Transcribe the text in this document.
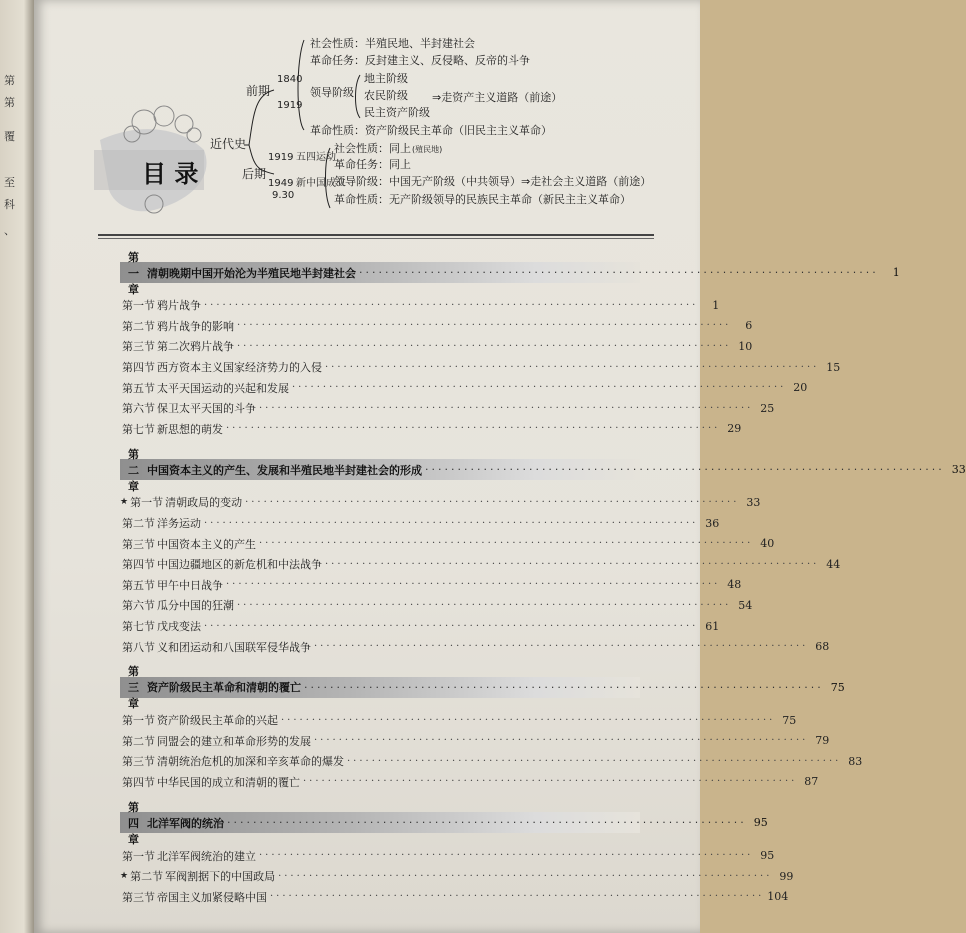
第
第
覆
至
科
、
目 录
近代史
前期
1840
1919
社会性质：半殖民地、半封建社会
革命任务：反封建主义、反侵略、反帝的斗争
领导阶级
地主阶级
农民阶级
民主资产阶级
⇒走资产主义道路（前途）
革命性质：资产阶级民主革命（旧民主主义革命）
后期
1919
1949
9.30
五四运动
新中国成立
社会性质：同上 (殖民地)
革命任务：同上
领导阶级：中国无产阶级（中共领导）⇒走社会主义道路（前途）
革命性质：无产阶级领导的民族民主革命（新民主主义革命）
第一章
清朝晚期中国开始沦为半殖民地半封建社会 ················································································	1
第一节 鸦片战争 ················································································	1
第二节 鸦片战争的影响 ················································································	6
第三节 第二次鸦片战争 ················································································ 10
第四节 西方资本主义国家经济势力的入侵 ················································································ 15
第五节 太平天国运动的兴起和发展 ················································································ 20
第六节 保卫太平天国的斗争 ················································································ 25
第七节 新思想的萌发 ················································································ 29
第二章
中国资本主义的产生、发展和半殖民地半封建社会的形成 ················································································ 33
★ 第一节 清朝政局的变动 ················································································ 33
第二节 洋务运动 ················································································ 36
第三节 中国资本主义的产生 ················································································ 40
第四节 中国边疆地区的新危机和中法战争 ················································································ 44
第五节 甲午中日战争 ················································································ 48
第六节 瓜分中国的狂潮 ················································································ 54
第七节 戊戌变法 ················································································ 61
第八节 义和团运动和八国联军侵华战争 ················································································ 68
第三章
资产阶级民主革命和清朝的覆亡 ················································································ 75
第一节 资产阶级民主革命的兴起 ················································································ 75
第二节 同盟会的建立和革命形势的发展 ················································································ 79
第三节 清朝统治危机的加深和辛亥革命的爆发 ················································································ 83
第四节 中华民国的成立和清朝的覆亡 ················································································ 87
第四章
北洋军阀的统治 ················································································ 95
第一节 北洋军阀统治的建立 ················································································ 95
★ 第二节 军阀割据下的中国政局 ················································································ 99
第三节 帝国主义加紧侵略中国 ················································································ 104
